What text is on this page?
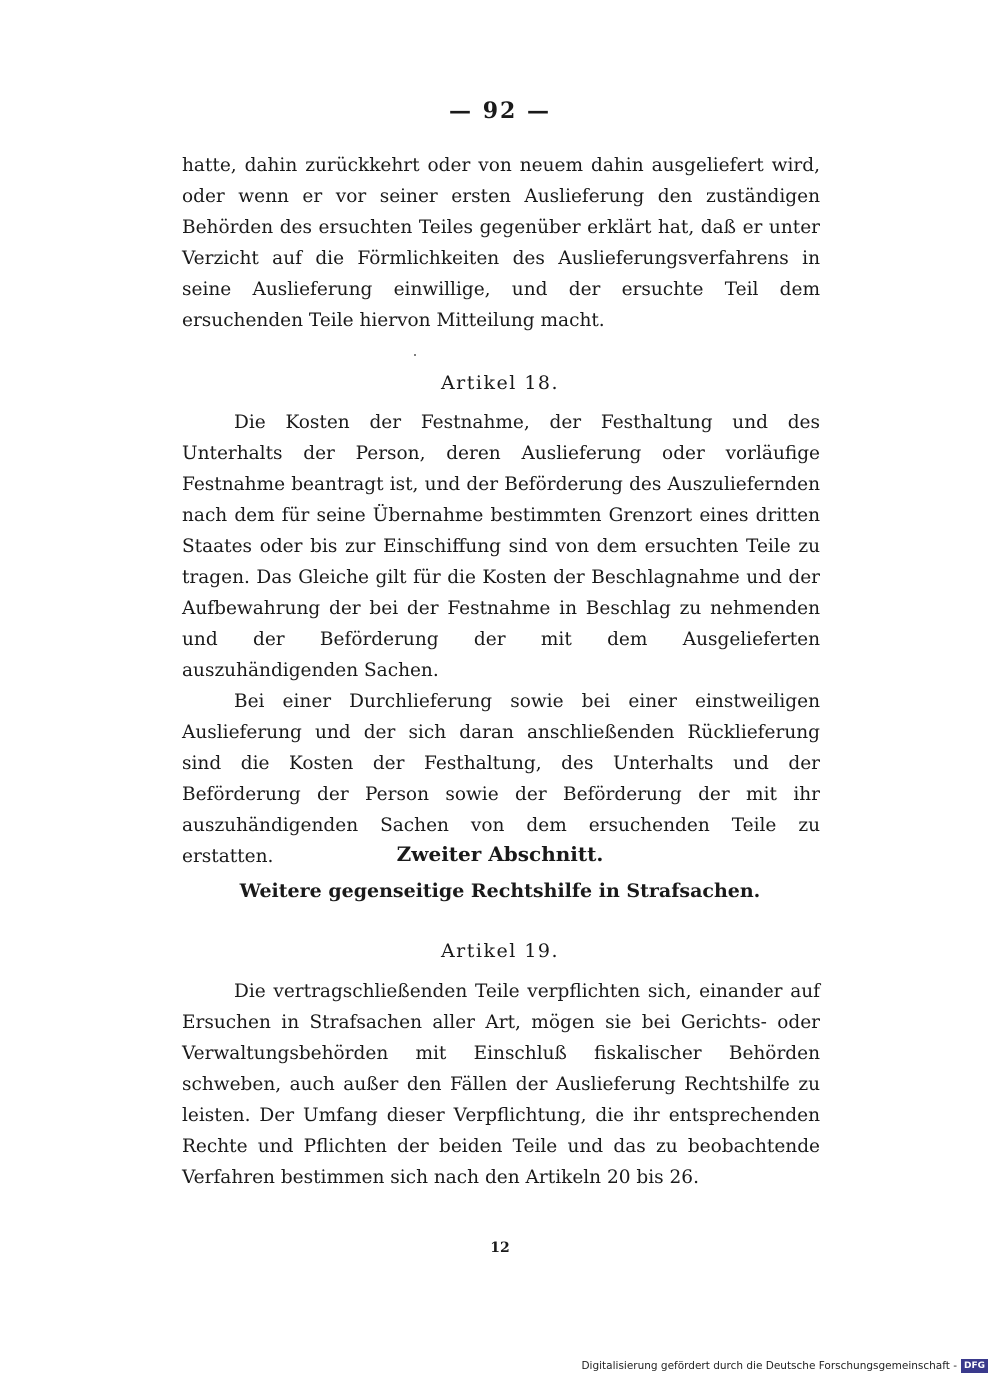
— 92 —

hatte, dahin zurückkehrt oder von neuem dahin ausgeliefert wird, oder wenn er vor seiner ersten Auslieferung den zuständigen Behörden des ersuchten Teiles gegenüber erklärt hat, daß er unter Verzicht auf die Förmlichkeiten des Auslieferungsverfahrens in seine Auslieferung einwillige, und der ersuchte Teil dem ersuchenden Teile hiervon Mitteilung macht.

Artikel 18.

Die Kosten der Festnahme, der Festhaltung und des Unterhalts der Person, deren Auslieferung oder vorläufige Festnahme beantragt ist, und der Beförderung des Auszuliefernden nach dem für seine Übernahme bestimmten Grenzort eines dritten Staates oder bis zur Einschiffung sind von dem ersuchten Teile zu tragen. Das Gleiche gilt für die Kosten der Beschlagnahme und der Aufbewahrung der bei der Festnahme in Beschlag zu nehmenden und der Beförderung der mit dem Ausgelieferten auszuhändigenden Sachen.

Bei einer Durchlieferung sowie bei einer einstweiligen Auslieferung und der sich daran anschließenden Rücklieferung sind die Kosten der Festhaltung, des Unterhalts und der Beförderung der Person sowie der Beförderung der mit ihr auszuhändigenden Sachen von dem ersuchenden Teile zu erstatten.	Zweiter Abschnitt.
Weitere gegenseitige Rechtshilfe in Strafsachen.
Artikel 19.

Die vertragschließenden Teile verpflichten sich, einander auf Ersuchen in Strafsachen aller Art, mögen sie bei Gerichts- oder Verwaltungsbehörden mit Einschluß fiskalischer Behörden schweben, auch außer den Fällen der Auslieferung Rechtshilfe zu leisten. Der Umfang dieser Verpflichtung, die ihr entsprechenden Rechte und Pflichten der beiden Teile und das zu beobachtende Verfahren bestimmen sich nach den Artikeln 20 bis 26.

12
Digitalisierung gefördert durch die Deutsche Forschungsgemeinschaft - DFG
